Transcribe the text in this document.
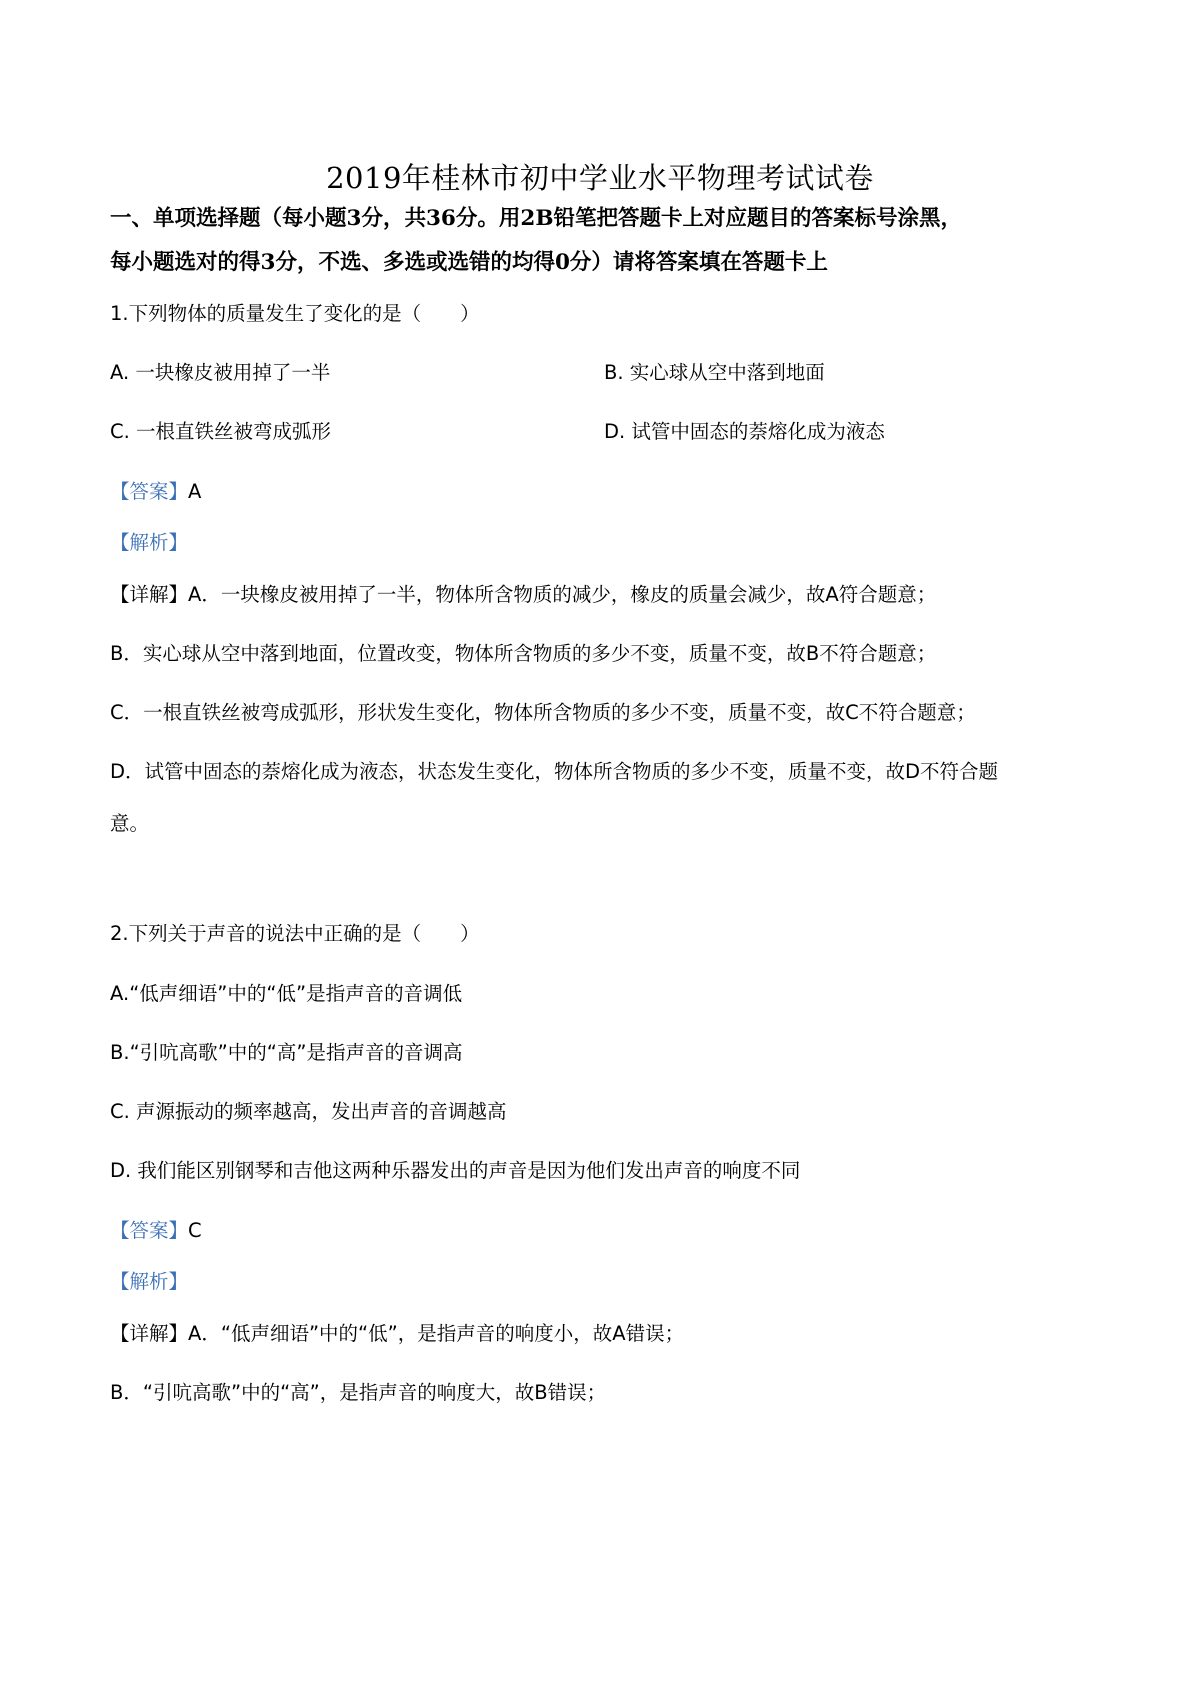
2019年桂林市初中学业水平物理考试试卷
一、单项选择题（每小题3分，共36分。用2B铅笔把答题卡上对应题目的答案标号涂黑，
每小题选对的得3分，不选、多选或选错的均得0分）请将答案填在答题卡上
1.下列物体的质量发生了变化的是（　　）
A. 一块橡皮被用掉了一半	B. 实心球从空中落到地面
C. 一根直铁丝被弯成弧形	D. 试管中固态的萘熔化成为液态
【答案】A
【解析】
【详解】A．一块橡皮被用掉了一半，物体所含物质的减少，橡皮的质量会减少，故A符合题意；
B．实心球从空中落到地面，位置改变，物体所含物质的多少不变，质量不变，故B不符合题意；
C．一根直铁丝被弯成弧形，形状发生变化，物体所含物质的多少不变，质量不变，故C不符合题意；
D．试管中固态的萘熔化成为液态，状态发生变化，物体所含物质的多少不变，质量不变，故D不符合题
意。
2.下列关于声音的说法中正确的是（　　）
A.“低声细语”中的“低”是指声音的音调低
B.“引吭高歌”中的“高”是指声音的音调高
C. 声源振动的频率越高，发出声音的音调越高
D. 我们能区别钢琴和吉他这两种乐器发出的声音是因为他们发出声音的响度不同
【答案】C
【解析】
【详解】A．“低声细语”中的“低”，是指声音的响度小，故A错误；
B．“引吭高歌”中的“高”，是指声音的响度大，故B错误；
